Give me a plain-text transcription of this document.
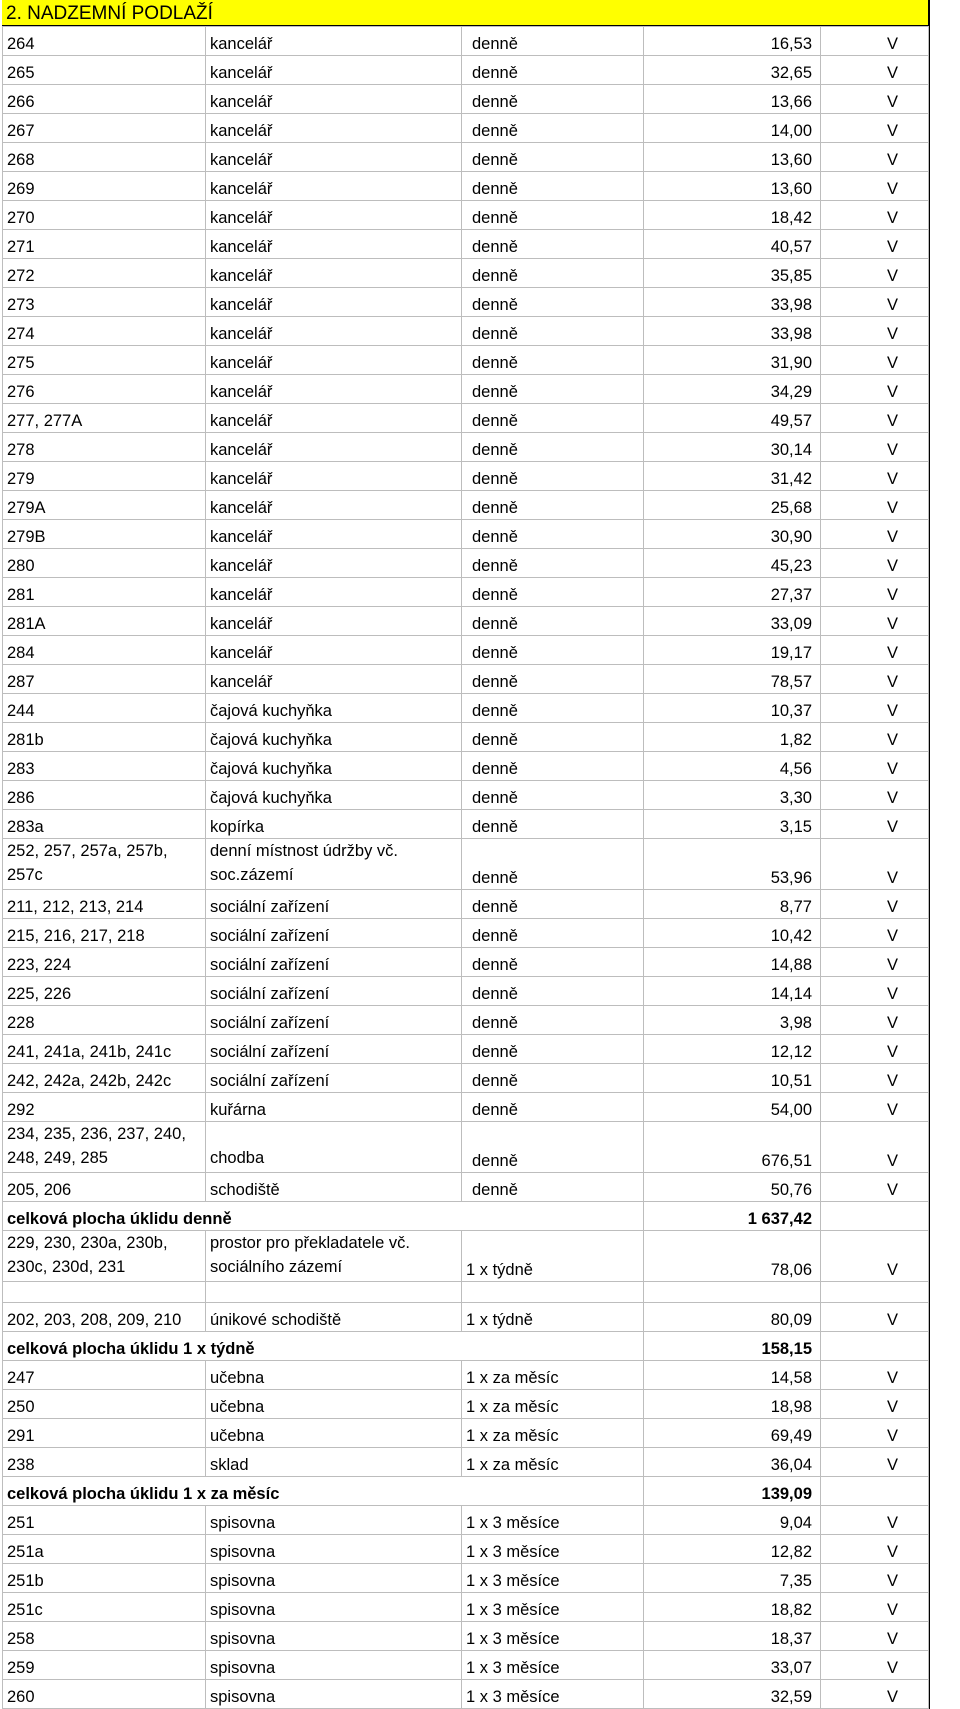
2. NADZEMNÍ PODLAŽÍ
264	kancelář	denně	16,53	V
265	kancelář	denně	32,65	V
266	kancelář	denně	13,66	V
267	kancelář	denně	14,00	V
268	kancelář	denně	13,60	V
269	kancelář	denně	13,60	V
270	kancelář	denně	18,42	V
271	kancelář	denně	40,57	V
272	kancelář	denně	35,85	V
273	kancelář	denně	33,98	V
274	kancelář	denně	33,98	V
275	kancelář	denně	31,90	V
276	kancelář	denně	34,29	V
277, 277A	kancelář	denně	49,57	V
278	kancelář	denně	30,14	V
279	kancelář	denně	31,42	V
279A	kancelář	denně	25,68	V
279B	kancelář	denně	30,90	V
280	kancelář	denně	45,23	V
281	kancelář	denně	27,37	V
281A	kancelář	denně	33,09	V
284	kancelář	denně	19,17	V
287	kancelář	denně	78,57	V
244	čajová kuchyňka	denně	10,37	V
281b	čajová kuchyňka	denně	1,82	V
283	čajová kuchyňka	denně	4,56	V
286	čajová kuchyňka	denně	3,30	V
283a	kopírka	denně	3,15	V
252, 257, 257a, 257b, 257c	denní místnost údržby vč. soc.zázemí	denně	53,96	V
211, 212, 213, 214	sociální zařízení	denně	8,77	V
215, 216, 217, 218	sociální zařízení	denně	10,42	V
223, 224	sociální zařízení	denně	14,88	V
225, 226	sociální zařízení	denně	14,14	V
228	sociální zařízení	denně	3,98	V
241, 241a, 241b, 241c	sociální zařízení	denně	12,12	V
242, 242a, 242b, 242c	sociální zařízení	denně	10,51	V
292	kuřárna	denně	54,00	V
234, 235, 236, 237, 240, 248, 249, 285	chodba	denně	676,51	V
205, 206	schodiště	denně	50,76	V
celková plocha úklidu denně			1 637,42	
229, 230, 230a, 230b, 230c, 230d, 231	prostor pro překladatele vč. sociálního zázemí	1 x týdně	78,06	V

202, 203, 208, 209, 210	únikové schodiště	1 x týdně	80,09	V
celková plocha úklidu 1 x týdně			158,15	
247	učebna	1 x za měsíc	14,58	V
250	učebna	1 x za měsíc	18,98	V
291	učebna	1 x za měsíc	69,49	V
238	sklad	1 x za měsíc	36,04	V
celková plocha úklidu 1 x za měsíc			139,09	
251	spisovna	1 x 3 měsíce	9,04	V
251a	spisovna	1 x 3 měsíce	12,82	V
251b	spisovna	1 x 3 měsíce	7,35	V
251c	spisovna	1 x 3 měsíce	18,82	V
258	spisovna	1 x 3 měsíce	18,37	V
259	spisovna	1 x 3 měsíce	33,07	V
260	spisovna	1 x 3 měsíce	32,59	V
